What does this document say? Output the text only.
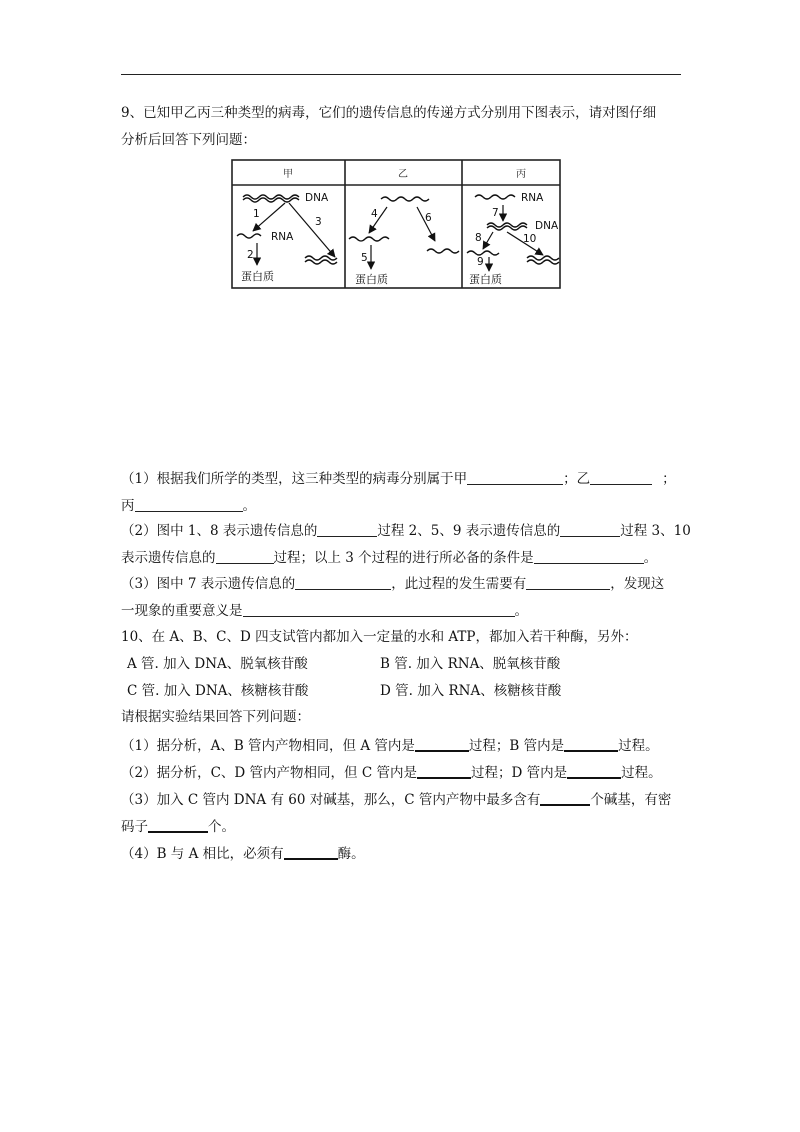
9、已知甲乙丙三种类型的病毒，它们的遗传信息的传递方式分别用下图表示，请对图仔细
分析后回答下列问题：
甲	乙	丙
DNA
1
3
RNA
2
蛋白质
4	6
5
蛋白质
RNA
7
DNA
8	10
9
蛋白质
（1）根据我们所学的类型，这三种类型的病毒分别属于甲	；乙	；
丙	。
（2）图中 1、8 表示遗传信息的	过程 2、5、9 表示遗传信息的	过程 3、10
表示遗传信息的	过程；以上 3 个过程的进行所必备的条件是	。
（3）图中 7 表示遗传信息的	，此过程的发生需要有	，发现这
一现象的重要意义是	。
10、在 A、B、C、D 四支试管内都加入一定量的水和 ATP，都加入若干种酶，另外：
A 管. 加入 DNA、脱氧核苷酸	B 管. 加入 RNA、脱氧核苷酸
C 管. 加入 DNA、核糖核苷酸	D 管. 加入 RNA、核糖核苷酸
请根据实验结果回答下列问题：
（1）据分析，A、B 管内产物相同，但 A 管内是	过程；B 管内是	过程。
（2）据分析，C、D 管内产物相同，但 C 管内是	过程；D 管内是	过程。
（3）加入 C 管内 DNA 有 60 对碱基，那么，C 管内产物中最多含有	个碱基，有密
码子	个。
（4）B 与 A 相比，必须有	酶。
